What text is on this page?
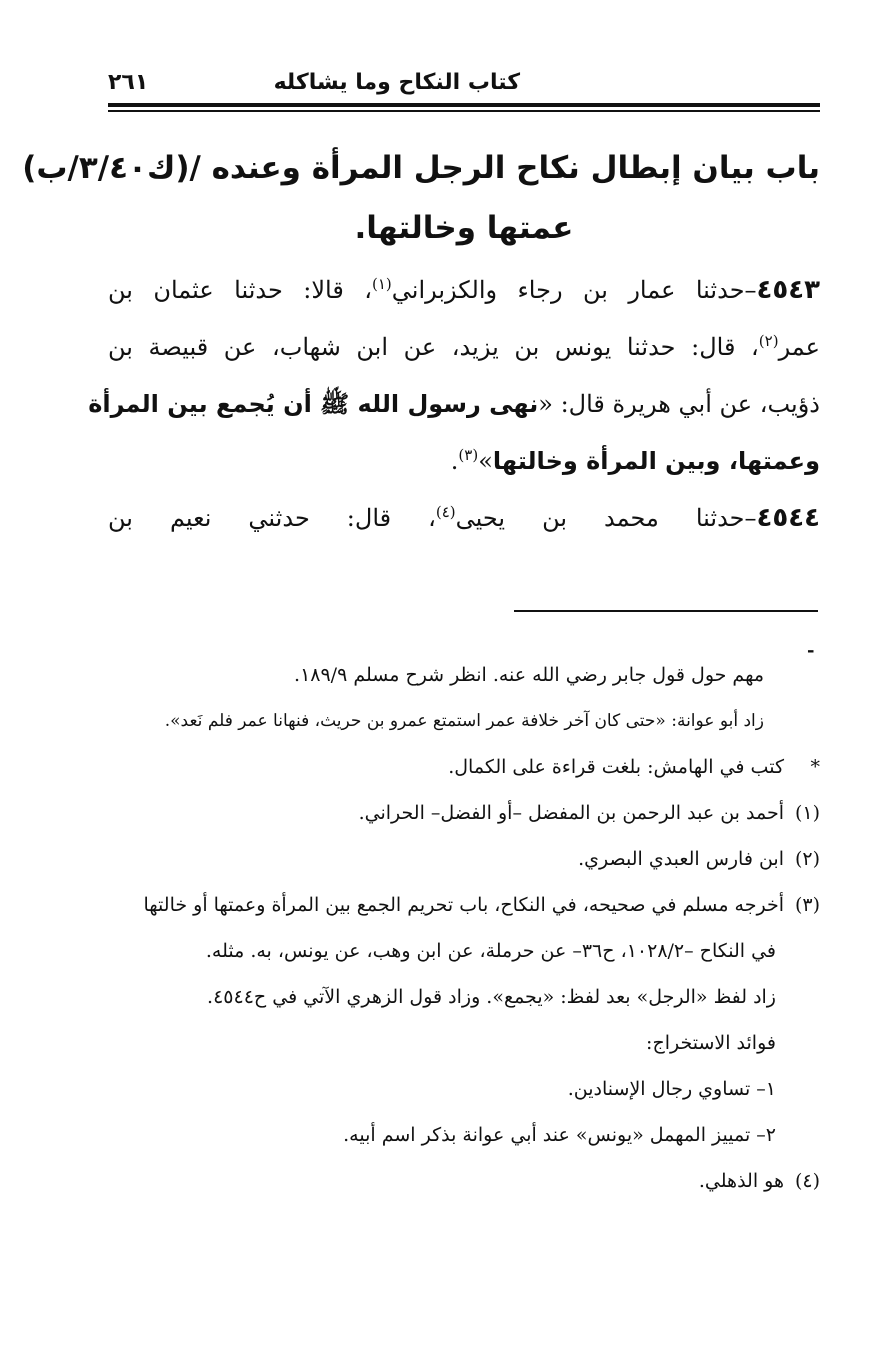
كتاب النكاح وما يشاكله
٢٦١
باب بيان إبطال نكاح الرجل المرأة وعنده /(ك٣/٤٠/ب)
عمتها وخالتها.
٤٥٤٣–حدثنا عمار بن رجاء والكزبراني$^{(١)}$، قالا: حدثنا عثمان بن
عمر$^{(٢)}$، قال: حدثنا يونس بن يزيد، عن ابن شهاب، عن قبيصة بن
ذؤيب، عن أبي هريرة قال: «نهى رسول الله ﷺ أن يُجمع بين المرأة
وعمتها، وبين المرأة وخالتها»$^{(٣)}$.
٤٥٤٤–حدثنا محمد بن يحيى$^{(٤)}$، قال: حدثني نعيم بن
-
مهم حول قول جابر رضي الله عنه. انظر شرح مسلم ١٨٩/٩.
زاد أبو عوانة: «حتى كان آخر خلافة عمر استمتع عمرو بن حريث، فنهانا عمر فلم نَعد».
*كتب في الهامش: بلغت قراءة على الكمال.
(١)أحمد بن عبد الرحمن بن المفضل –أو الفضل– الحراني.
(٢)ابن فارس العبدي البصري.
(٣)أخرجه مسلم في صحيحه، في النكاح، باب تحريم الجمع بين المرأة وعمتها أو خالتها
في النكاح –١٠٢٨/٢، ح٣٦– عن حرملة، عن ابن وهب، عن يونس، به. مثله.
زاد لفظ «الرجل» بعد لفظ: «يجمع». وزاد قول الزهري الآتي في ح٤٥٤٤.
فوائد الاستخراج:
١– تساوي رجال الإسنادين.
٢– تمييز المهمل «يونس» عند أبي عوانة بذكر اسم أبيه.
(٤)هو الذهلي.
